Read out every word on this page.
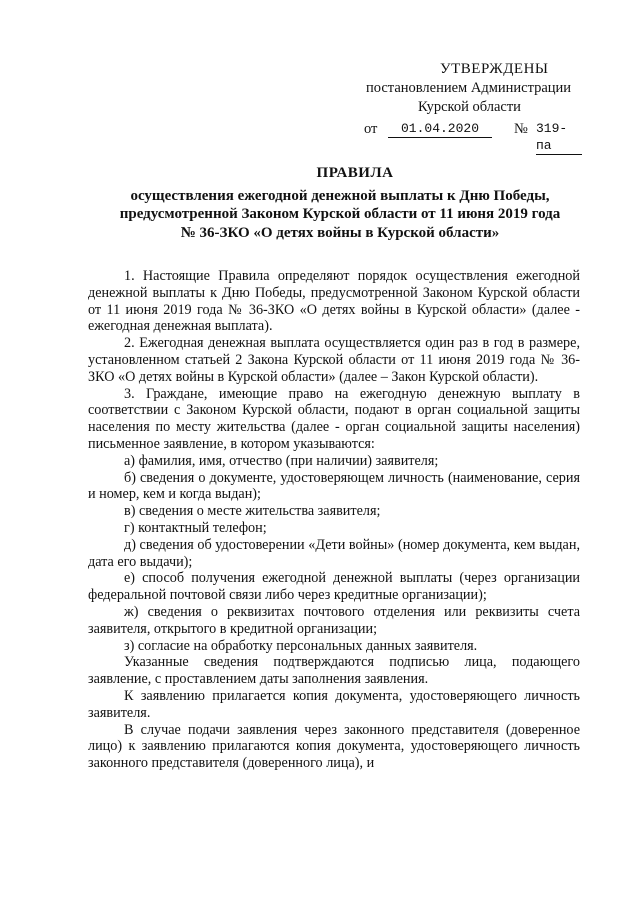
УТВЕРЖДЕНЫ
постановлением Администрации
Курской области
от	01.04.2020	№ 319-па
ПРАВИЛА
осуществления ежегодной денежной выплаты к Дню Победы,
предусмотренной Законом Курской области от 11 июня 2019 года
№ 36-ЗКО «О детях войны в Курской области»

1. Настоящие Правила определяют порядок осуществления ежегодной денежной выплаты к Дню Победы, предусмотренной Законом Курской области от 11 июня 2019 года № 36-ЗКО «О детях войны в Курской области» (далее - ежегодная денежная выплата).

2. Ежегодная денежная выплата осуществляется один раз в год в размере, установленном статьей 2 Закона Курской области от 11 июня 2019 года № 36-ЗКО «О детях войны в Курской области» (далее – Закон Курской области).

3. Граждане, имеющие право на ежегодную денежную выплату в соответствии с Законом Курской области, подают в орган социальной защиты населения по месту жительства (далее - орган социальной защиты населения) письменное заявление, в котором указываются:

а) фамилия, имя, отчество (при наличии) заявителя;

б) сведения о документе, удостоверяющем личность (наименование, серия и номер, кем и когда выдан);

в) сведения о месте жительства заявителя;

г) контактный телефон;

д) сведения об удостоверении «Дети войны» (номер документа, кем выдан, дата его выдачи);

е) способ получения ежегодной денежной выплаты (через организации федеральной почтовой связи либо через кредитные организации);

ж) сведения о реквизитах почтового отделения или реквизиты счета заявителя, открытого в кредитной организации;

з) согласие на обработку персональных данных заявителя.

Указанные сведения подтверждаются подписью лица, подающего заявление, с проставлением даты заполнения заявления.

К заявлению прилагается копия документа, удостоверяющего личность заявителя.

В случае подачи заявления через законного представителя (доверенное лицо) к заявлению прилагаются копия документа, удостоверяющего личность законного представителя (доверенного лица), и
